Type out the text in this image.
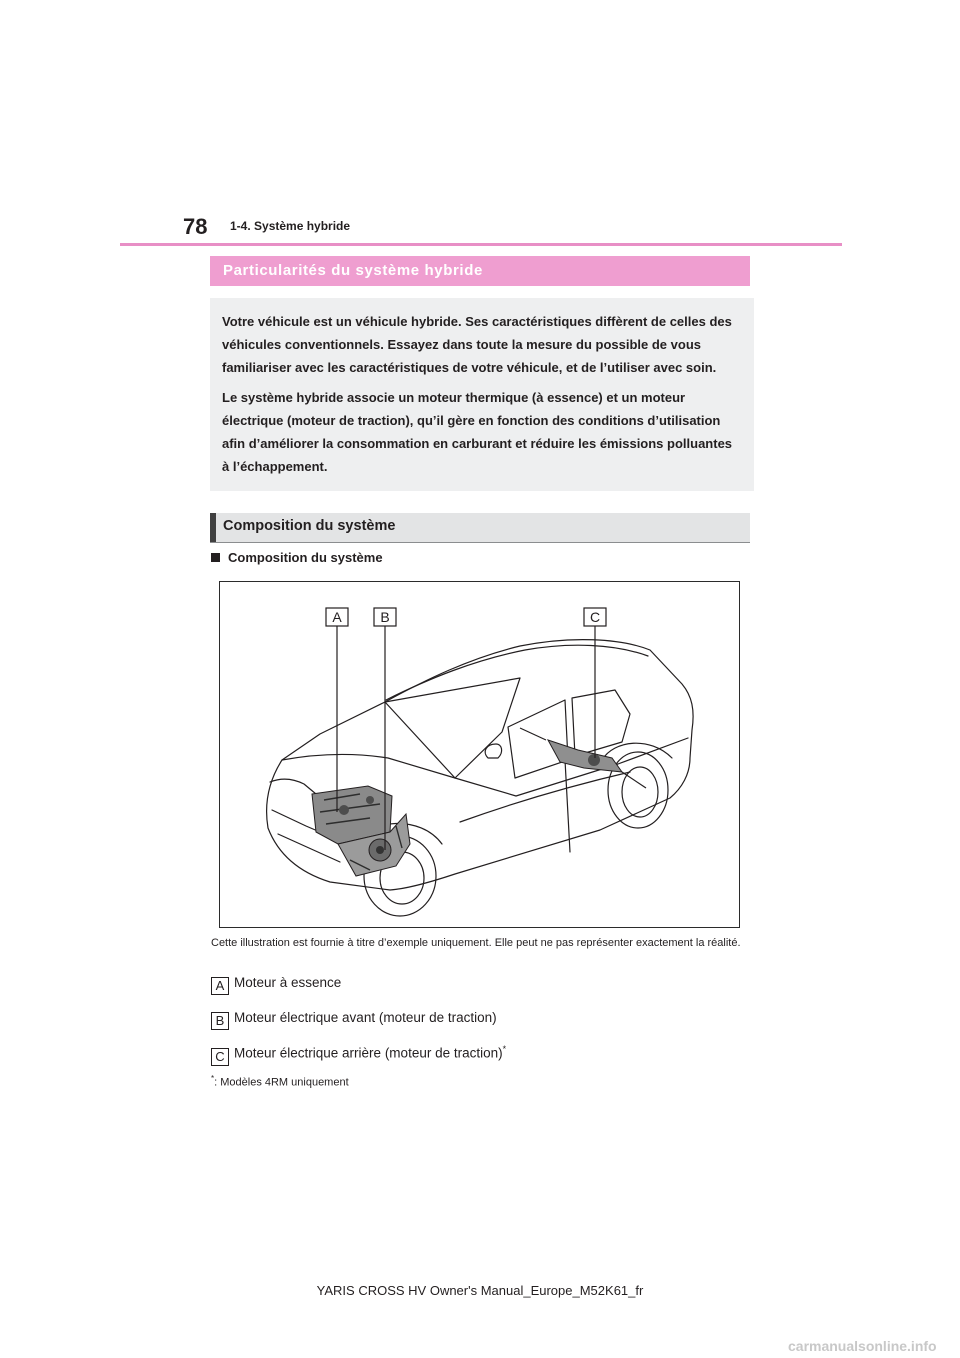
78 1-4. Système hybride
Particularités du système hybride

Votre véhicule est un véhicule hybride. Ses caractéristiques diffèrent de celles des véhicules conventionnels. Essayez dans toute la mesure du possible de vous familiariser avec les caractéristiques de votre véhicule, et de l’utiliser avec soin.

Le système hybride associe un moteur thermique (à essence) et un moteur électrique (moteur de traction), qu’il gère en fonction des conditions d’utilisation afin d’améliorer la consommation en carburant et réduire les émissions polluantes à l’échappement.

Composition du système
Composition du système
A	B	C
Cette illustration est fournie à titre d’exemple uniquement. Elle peut ne pas représenter exactement la réalité.
A Moteur à essence
B Moteur électrique avant (moteur de traction)
C Moteur électrique arrière (moteur de traction)*
*: Modèles 4RM uniquement
YARIS CROSS HV Owner's Manual_Europe_M52K61_fr
carmanualsonline.info
